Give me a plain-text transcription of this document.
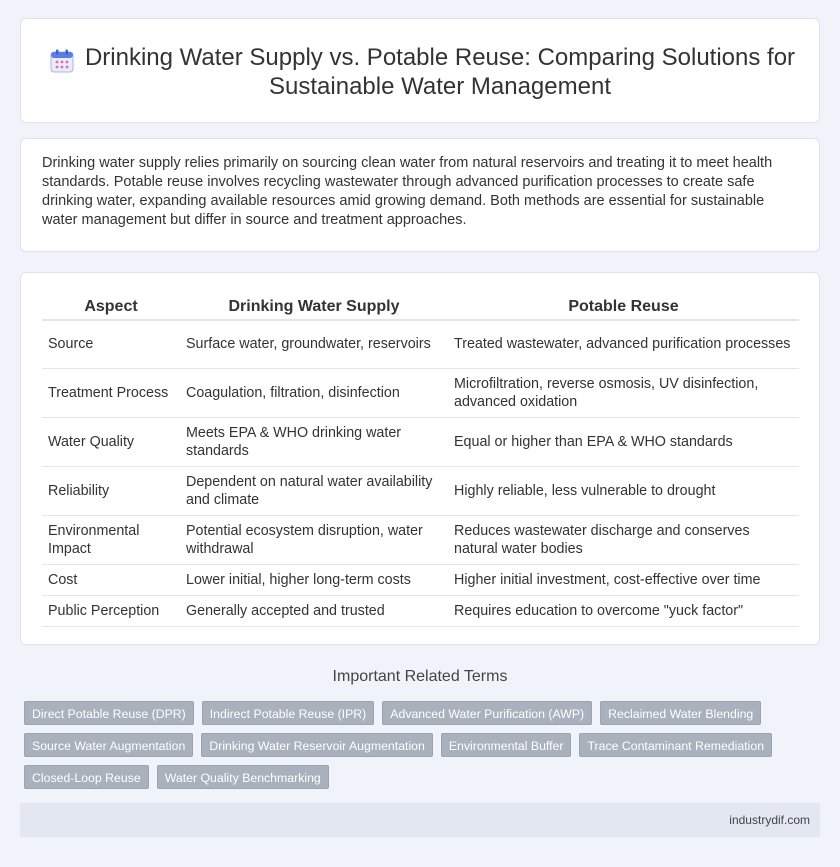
Drinking Water Supply vs. Potable Reuse: Comparing Solutions for Sustainable Water Management

Drinking water supply relies primarily on sourcing clean water from natural reservoirs and treating it to meet health standards. Potable reuse involves recycling wastewater through advanced purification processes to create safe drinking water, expanding available resources amid growing demand. Both methods are essential for sustainable water management but differ in source and treatment approaches.

Aspect	Drinking Water Supply	Potable Reuse
Source	Surface water, groundwater, reservoirs	Treated wastewater, advanced purification processes
Treatment Process	Coagulation, filtration, disinfection	Microfiltration, reverse osmosis, UV disinfection, advanced oxidation
Water Quality	Meets EPA & WHO drinking water standards	Equal or higher than EPA & WHO standards
Reliability	Dependent on natural water availability and climate	Highly reliable, less vulnerable to drought
Environmental Impact	Potential ecosystem disruption, water withdrawal	Reduces wastewater discharge and conserves natural water bodies
Cost	Lower initial, higher long-term costs	Higher initial investment, cost-effective over time
Public Perception	Generally accepted and trusted	Requires education to overcome "yuck factor"
Important Related Terms
Direct Potable Reuse (DPR)	Indirect Potable Reuse (IPR)	Advanced Water Purification (AWP)	Reclaimed Water Blending
Source Water Augmentation	Drinking Water Reservoir Augmentation	Environmental Buffer	Trace Contaminant Remediation
Closed-Loop Reuse	Water Quality Benchmarking
industrydif.com
